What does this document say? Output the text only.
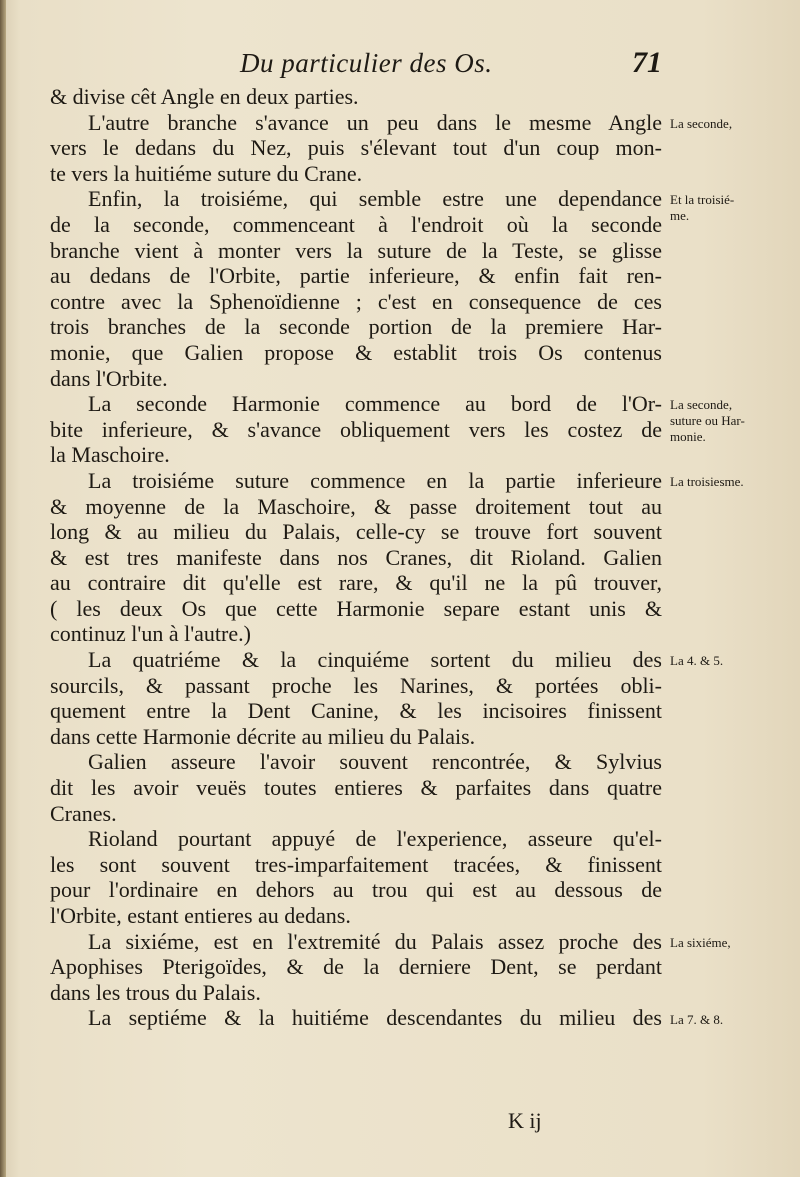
Du particulier des Os.	71
& divise cêt Angle en deux parties.
L'autre branche s'avance un peu dans le mesme Angle
vers le dedans du Nez, puis s'élevant tout d'un coup mon-
te vers la huitiéme suture du Crane.
Enfin, la troisiéme, qui semble estre une dependance
de la seconde, commenceant à l'endroit où la seconde
branche vient à monter vers la suture de la Teste, se glisse
au dedans de l'Orbite, partie inferieure, & enfin fait ren-
contre avec la Sphenoïdienne ; c'est en consequence de ces
trois branches de la seconde portion de la premiere Har-
monie, que Galien propose & establit trois Os contenus
dans l'Orbite.
La seconde Harmonie commence au bord de l'Or-
bite inferieure, & s'avance obliquement vers les costez de
la Maschoire.
La troisiéme suture commence en la partie inferieure
& moyenne de la Maschoire, & passe droitement tout au
long & au milieu du Palais, celle-cy se trouve fort souvent
& est tres manifeste dans nos Cranes, dit Rioland. Galien
au contraire dit qu'elle est rare, & qu'il ne la pû trouver,
( les deux Os que cette Harmonie separe estant unis &
continuz l'un à l'autre.)
La quatriéme & la cinquiéme sortent du milieu des
sourcils, & passant proche les Narines, & portées obli-
quement entre la Dent Canine, & les incisoires finissent
dans cette Harmonie décrite au milieu du Palais.
Galien asseure l'avoir souvent rencontrée, & Sylvius
dit les avoir veuës toutes entieres & parfaites dans quatre
Cranes.
Rioland pourtant appuyé de l'experience, asseure qu'el-
les sont souvent tres-imparfaitement tracées, & finissent
pour l'ordinaire en dehors au trou qui est au dessous de
l'Orbite, estant entieres au dedans.
La sixiéme, est en l'extremité du Palais assez proche des
Apophises Pterigoïdes, & de la derniere Dent, se perdant
dans les trous du Palais.
La septiéme & la huitiéme descendantes du milieu des
La seconde,
Et la troisié-
me.
La seconde,
suture ou Har-
monie.
La troisiesme.
La 4. & 5.
La sixiéme,
La 7. & 8.
K ij
